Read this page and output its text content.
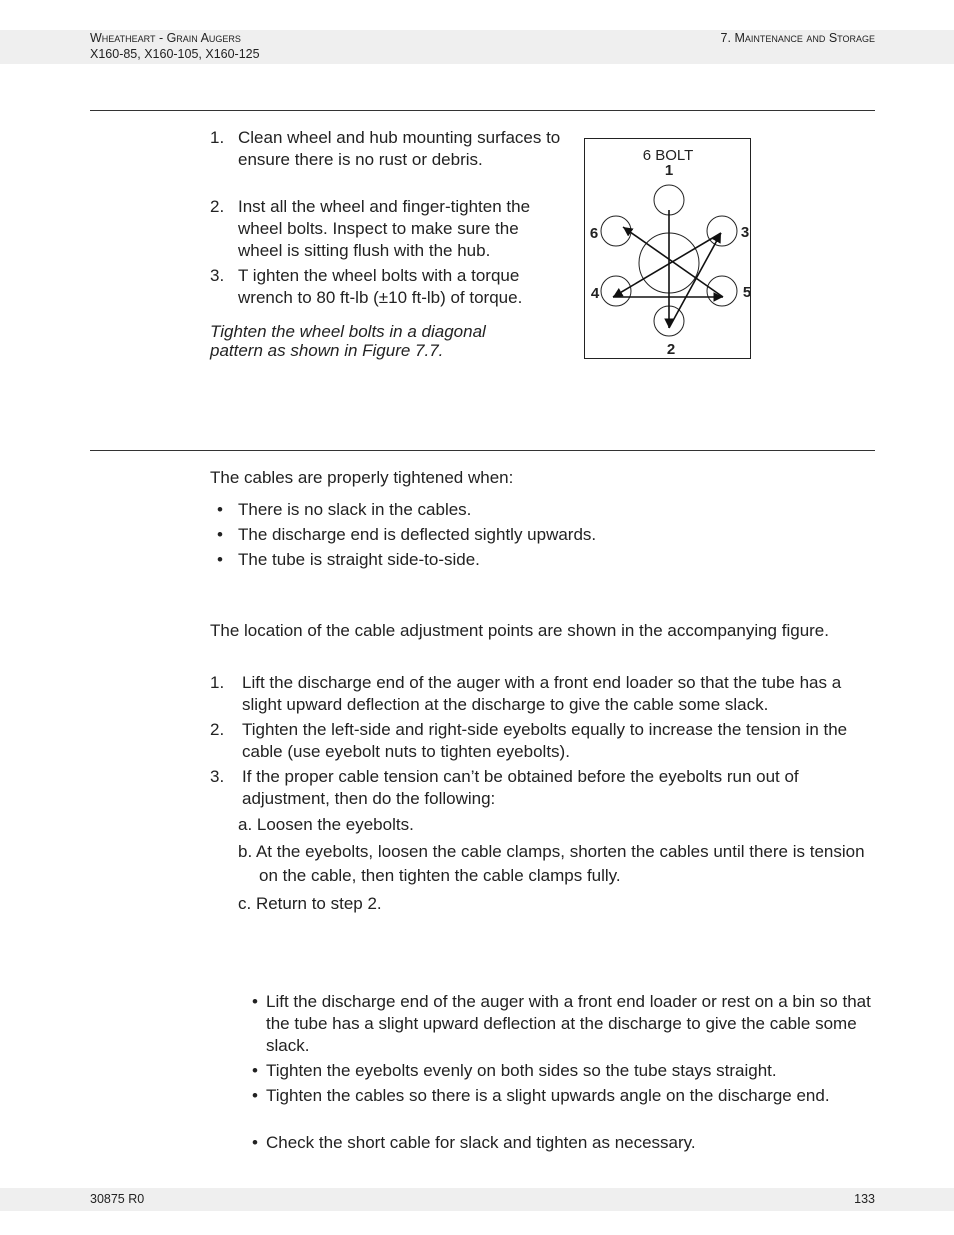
Wheatheart - Grain Augers
X160-85, X160-105, X160-125
7. Maintenance and Storage
1. Clean wheel and hub mounting surfaces to ensure there is no rust or debris.
2. Inst all the wheel and finger-tighten the wheel bolts. Inspect to make sure the wheel is sitting flush with the hub.
3. T ighten the wheel bolts with a torque wrench to 80 ft-lb (±10 ft-lb) of torque.
Tighten the wheel bolts in a diagonal pattern as shown in Figure 7.7.
6 BOLT
1
2
3
4	5
6
The cables are properly tightened when:
• There is no slack in the cables.
• The discharge end is deflected sightly upwards.
• The tube is straight side-to-side.
The location of the cable adjustment points are shown in the accompanying figure.
1. Lift the discharge end of the auger with a front end loader so that the tube has a slight upward deflection at the discharge to give the cable some slack.
2. Tighten the left-side and right-side eyebolts equally to increase the tension in the cable (use eyebolt nuts to tighten eyebolts).
3. If the proper cable tension can’t be obtained before the eyebolts run out of adjustment, then do the following:
a. Loosen the eyebolts.
b. At the eyebolts, loosen the cable clamps, shorten the cables until there is tension on the cable, then tighten the cable clamps fully.
c. Return to step 2.
• Lift the discharge end of the auger with a front end loader or rest on a bin so that the tube has a slight upward deflection at the discharge to give the cable some slack.
• Tighten the eyebolts evenly on both sides so the tube stays straight.
• Tighten the cables so there is a slight upwards angle on the discharge end.
• Check the short cable for slack and tighten as necessary.
30875 R0	133
